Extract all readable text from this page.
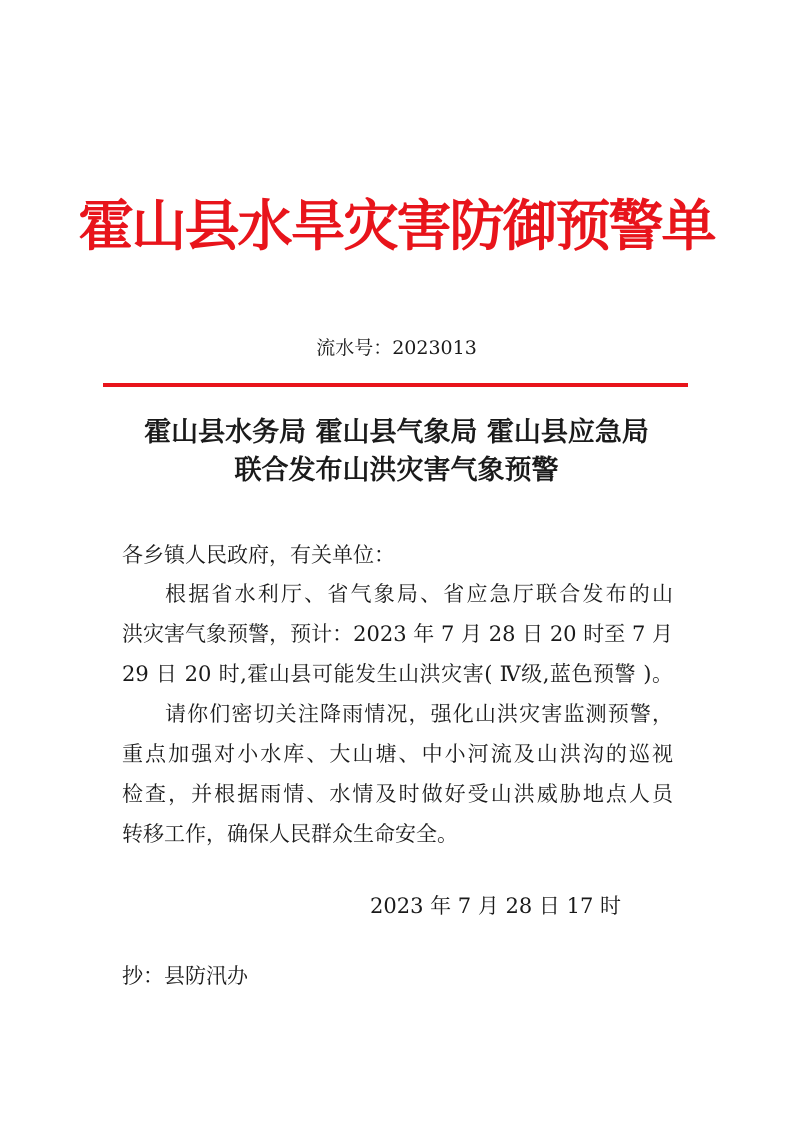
霍山县水旱灾害防御预警单
流水号：2023013
霍山县水务局 霍山县气象局 霍山县应急局
联合发布山洪灾害气象预警
各乡镇人民政府，有关单位：
根据省水利厅、省气象局、省应急厅联合发布的山
洪灾害气象预警，预计：2023 年 7 月 28 日 20 时至 7 月
29 日 20 时,霍山县可能发生山洪灾害( Ⅳ级,蓝色预警 )。
请你们密切关注降雨情况，强化山洪灾害监测预警，
重点加强对小水库、大山塘、中小河流及山洪沟的巡视
检查，并根据雨情、水情及时做好受山洪威胁地点人员
转移工作，确保人民群众生命安全。
2023 年 7 月 28 日 17 时
抄：县防汛办
